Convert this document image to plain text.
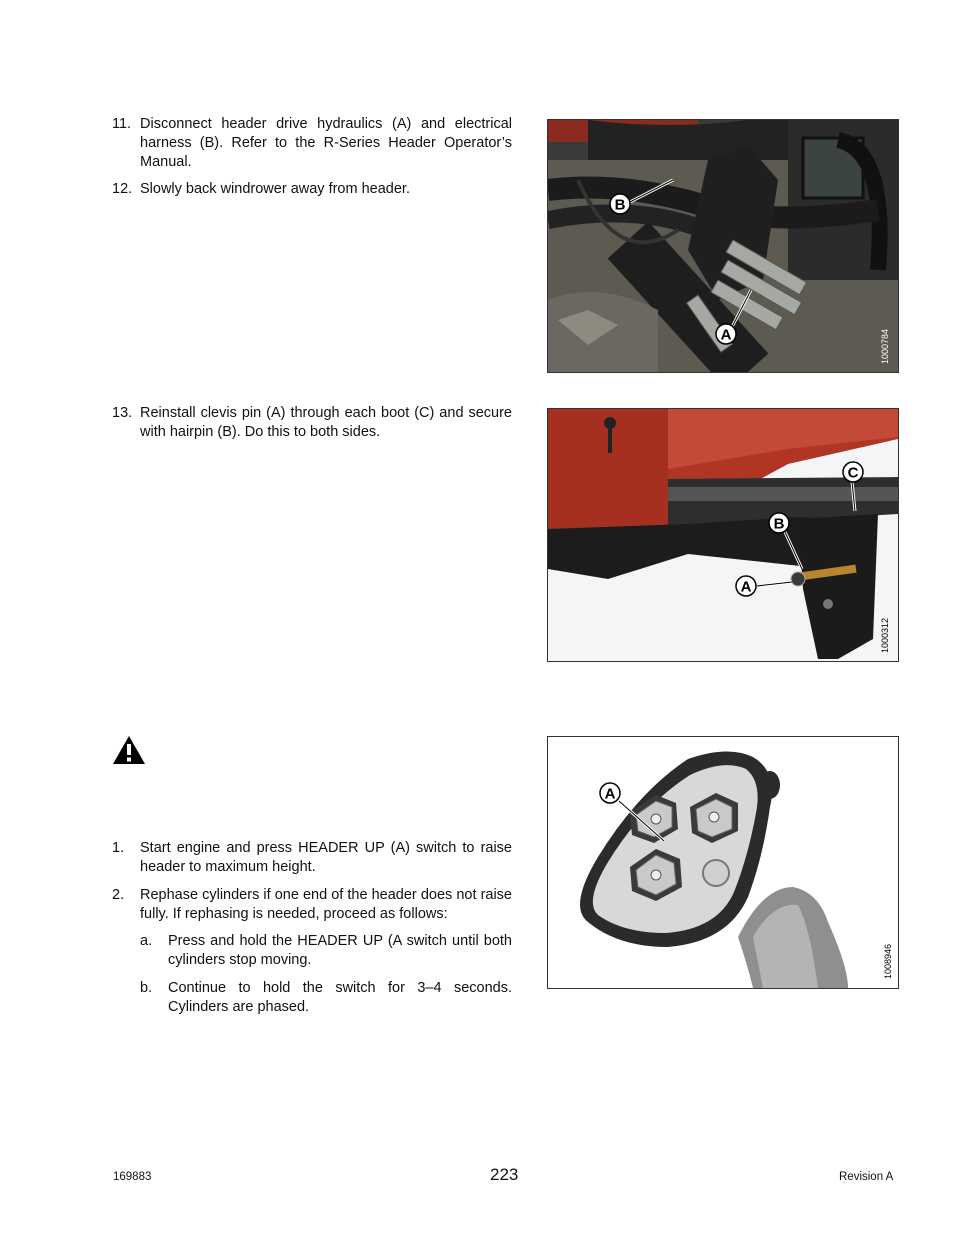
11. Disconnect header drive hydraulics (A) and electrical harness (B). Refer to the R-Series Header Operator’s Manual.
12. Slowly back windrower away from header.
B
A	1000784
13. Reinstall clevis pin (A) through each boot (C) and secure with hairpin (B). Do this to both sides.
C
B
A
1000312
1. Start engine and press HEADER UP (A) switch to raise header to maximum height.
2. Rephase cylinders if one end of the header does not raise fully. If rephasing is needed, proceed as follows:
a. Press and hold the HEADER UP (A switch until both cylinders stop moving.
b. Continue to hold the switch for 3–4 seconds. Cylinders are phased.
A
1008946
169883	223	Revision A
